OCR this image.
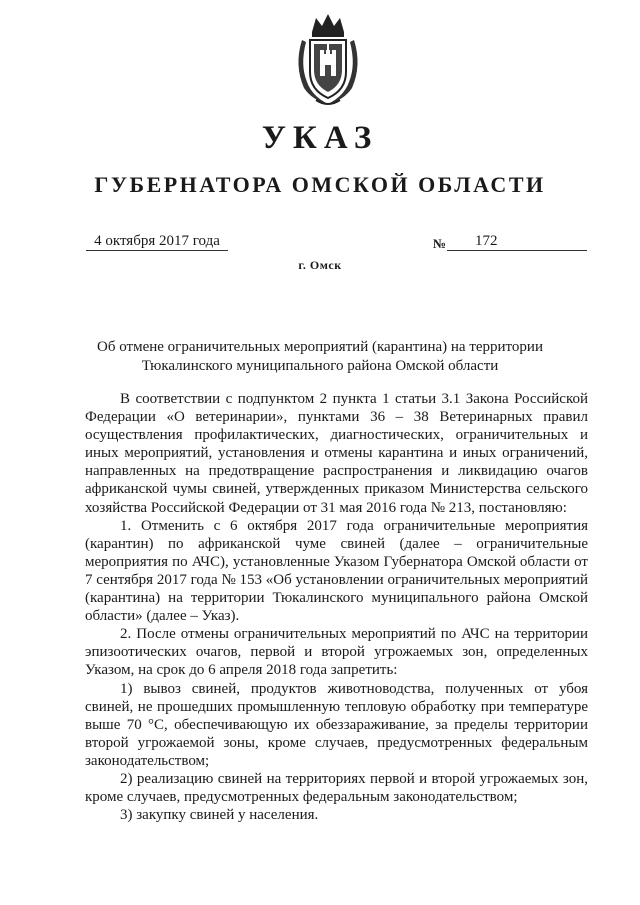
УКАЗ
ГУБЕРНАТОРА ОМСКОЙ ОБЛАСТИ
4 октября 2017 года	№	172
г. Омск
Об отмене ограничительных мероприятий (карантина) на территории
Тюкалинского муниципального района Омской области

В соответствии с подпунктом 2 пункта 1 статьи 3.1 Закона Российской Федерации «О ветеринарии», пунктами 36 – 38 Ветеринарных правил осуществления профилактических, диагностических, ограничительных и иных мероприятий, установления и отмены карантина и иных ограничений, направленных на предотвращение распространения и ликвидацию очагов африканской чумы свиней, утвержденных приказом Министерства сельского хозяйства Российской Федерации от 31 мая 2016 года № 213, постановляю:

1. Отменить с 6 октября 2017 года ограничительные мероприятия (карантин) по африканской чуме свиней (далее – ограничительные мероприятия по АЧС), установленные Указом Губернатора Омской области от 7 сентября 2017 года № 153 «Об установлении ограничительных мероприятий (карантина) на территории Тюкалинского муниципального района Омской области» (далее – Указ).

2. После отмены ограничительных мероприятий по АЧС на территории эпизоотических очагов, первой и второй угрожаемых зон, определенных Указом, на срок до 6 апреля 2018 года запретить:

1) вывоз свиней, продуктов животноводства, полученных от убоя свиней, не прошедших промышленную тепловую обработку при температуре выше 70 °С, обеспечивающую их обеззараживание, за пределы территории второй угрожаемой зоны, кроме случаев, предусмотренных федеральным законодательством;

2) реализацию свиней на территориях первой и второй угрожаемых зон, кроме случаев, предусмотренных федеральным законодательством;

3) закупку свиней у населения.
